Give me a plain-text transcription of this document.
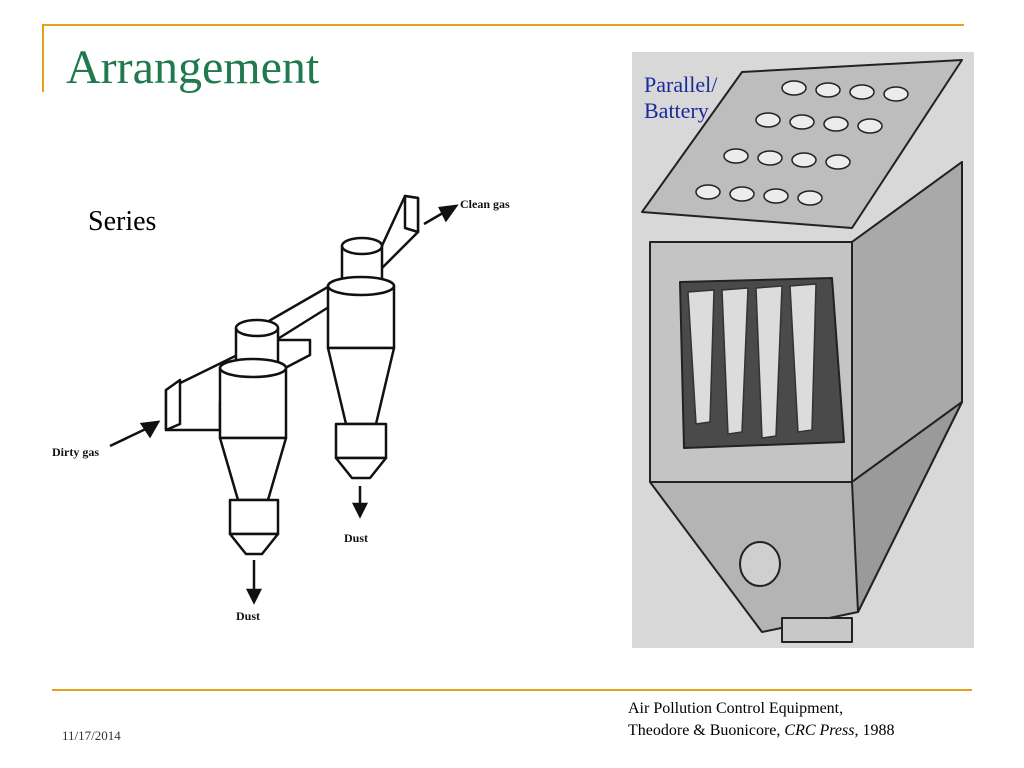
Arrangement
Series
Clean gas
Dirty gas
Dust
Dust
Parallel/
Battery
11/17/2014
Air Pollution Control Equipment,
Theodore & Buonicore, CRC Press, 1988
